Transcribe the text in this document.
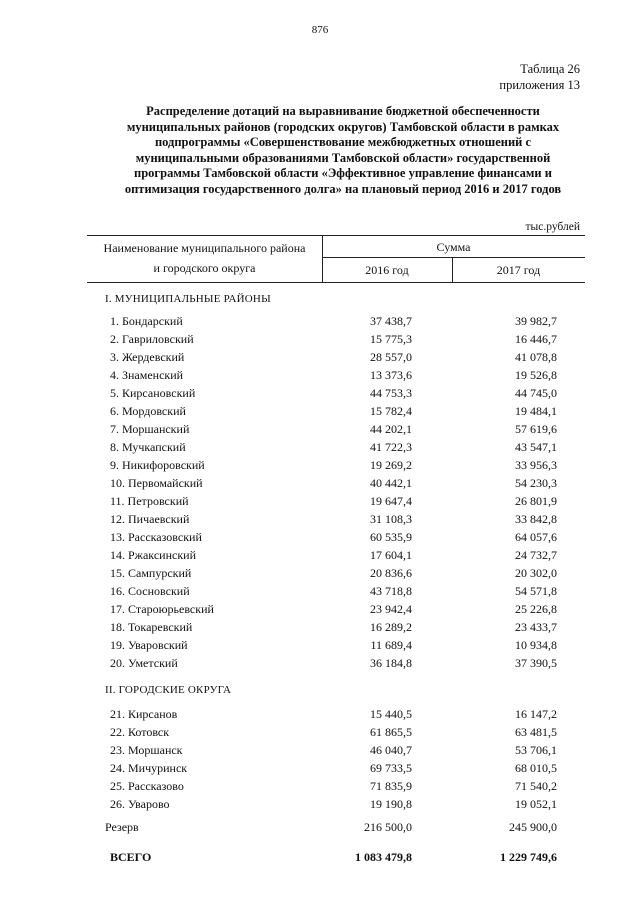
876
Таблица 26
приложения 13
Распределение дотаций на выравнивание бюджетной обеспеченности
муниципальных районов (городских округов) Тамбовской области в рамках
подпрограммы «Совершенствование межбюджетных отношений с
муниципальными образованиями Тамбовской области» государственной
программы Тамбовской области «Эффективное управление финансами и
оптимизация государственного долга» на плановый период 2016 и 2017 годов
тыс.рублей
Наименование муниципального района
и городского округа
Сумма
2016 год	2017 год
I. МУНИЦИПАЛЬНЫЕ РАЙОНЫ
1. Бондарский	37 438,7	39 982,7
2. Гавриловский	15 775,3	16 446,7
3. Жердевский	28 557,0	41 078,8
4. Знаменский	13 373,6	19 526,8
5. Кирсановский	44 753,3	44 745,0
6. Мордовский	15 782,4	19 484,1
7. Моршанский	44 202,1	57 619,6
8. Мучкапский	41 722,3	43 547,1
9. Никифоровский	19 269,2	33 956,3
10. Первомайский	40 442,1	54 230,3
11. Петровский	19 647,4	26 801,9
12. Пичаевский	31 108,3	33 842,8
13. Рассказовский	60 535,9	64 057,6
14. Ржаксинский	17 604,1	24 732,7
15. Сампурский	20 836,6	20 302,0
16. Сосновский	43 718,8	54 571,8
17. Староюрьевский	23 942,4	25 226,8
18. Токаревский	16 289,2	23 433,7
19. Уваровский	11 689,4	10 934,8
20. Уметский	36 184,8	37 390,5
II. ГОРОДСКИЕ ОКРУГА
21. Кирсанов	15 440,5	16 147,2
22. Котовск	61 865,5	63 481,5
23. Моршанск	46 040,7	53 706,1
24. Мичуринск	69 733,5	68 010,5
25. Рассказово	71 835,9	71 540,2
26. Уварово	19 190,8	19 052,1
Резерв	216 500,0	245 900,0
ВСЕГО	1 083 479,8	1 229 749,6
